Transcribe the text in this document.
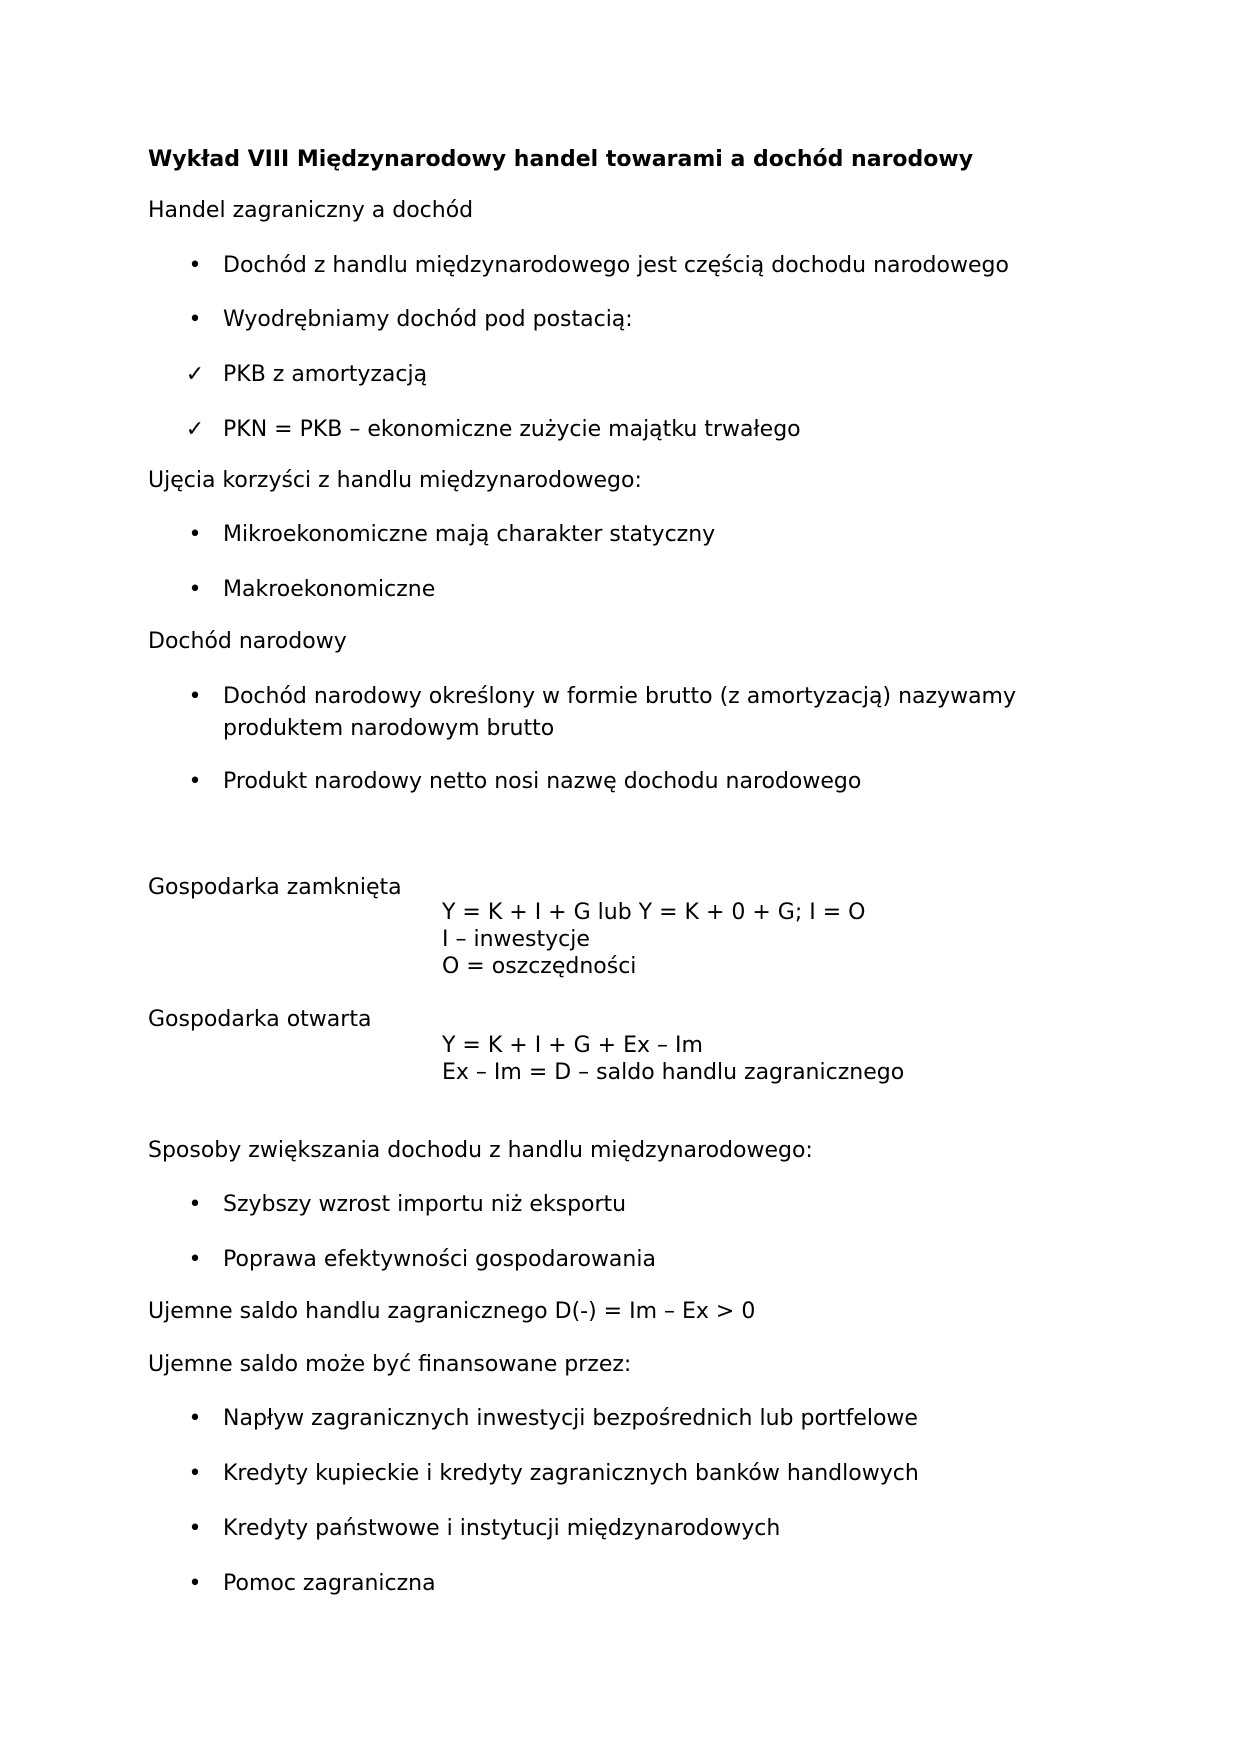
Wykład VIII Międzynarodowy handel towarami a dochód narodowy
Handel zagraniczny a dochód
• Dochód z handlu międzynarodowego jest częścią dochodu narodowego
• Wyodrębniamy dochód pod postacią:
✓ PKB z amortyzacją
✓ PKN = PKB – ekonomiczne zużycie majątku trwałego
Ujęcia korzyści z handlu międzynarodowego:
• Mikroekonomiczne mają charakter statyczny
• Makroekonomiczne
Dochód narodowy
• Dochód narodowy określony w formie brutto (z amortyzacją) nazywamy
produktem narodowym brutto
• Produkt narodowy netto nosi nazwę dochodu narodowego
Gospodarka zamknięta
Y = K + I + G lub Y = K + 0 + G; I = O
I – inwestycje
O = oszczędności
Gospodarka otwarta
Y = K + I + G + Ex – Im
Ex – Im = D – saldo handlu zagranicznego
Sposoby zwiększania dochodu z handlu międzynarodowego:
• Szybszy wzrost importu niż eksportu
• Poprawa efektywności gospodarowania
Ujemne saldo handlu zagranicznego D(-) = Im – Ex > 0
Ujemne saldo może być finansowane przez:
• Napływ zagranicznych inwestycji bezpośrednich lub portfelowe
• Kredyty kupieckie i kredyty zagranicznych banków handlowych
• Kredyty państwowe i instytucji międzynarodowych
• Pomoc zagraniczna
